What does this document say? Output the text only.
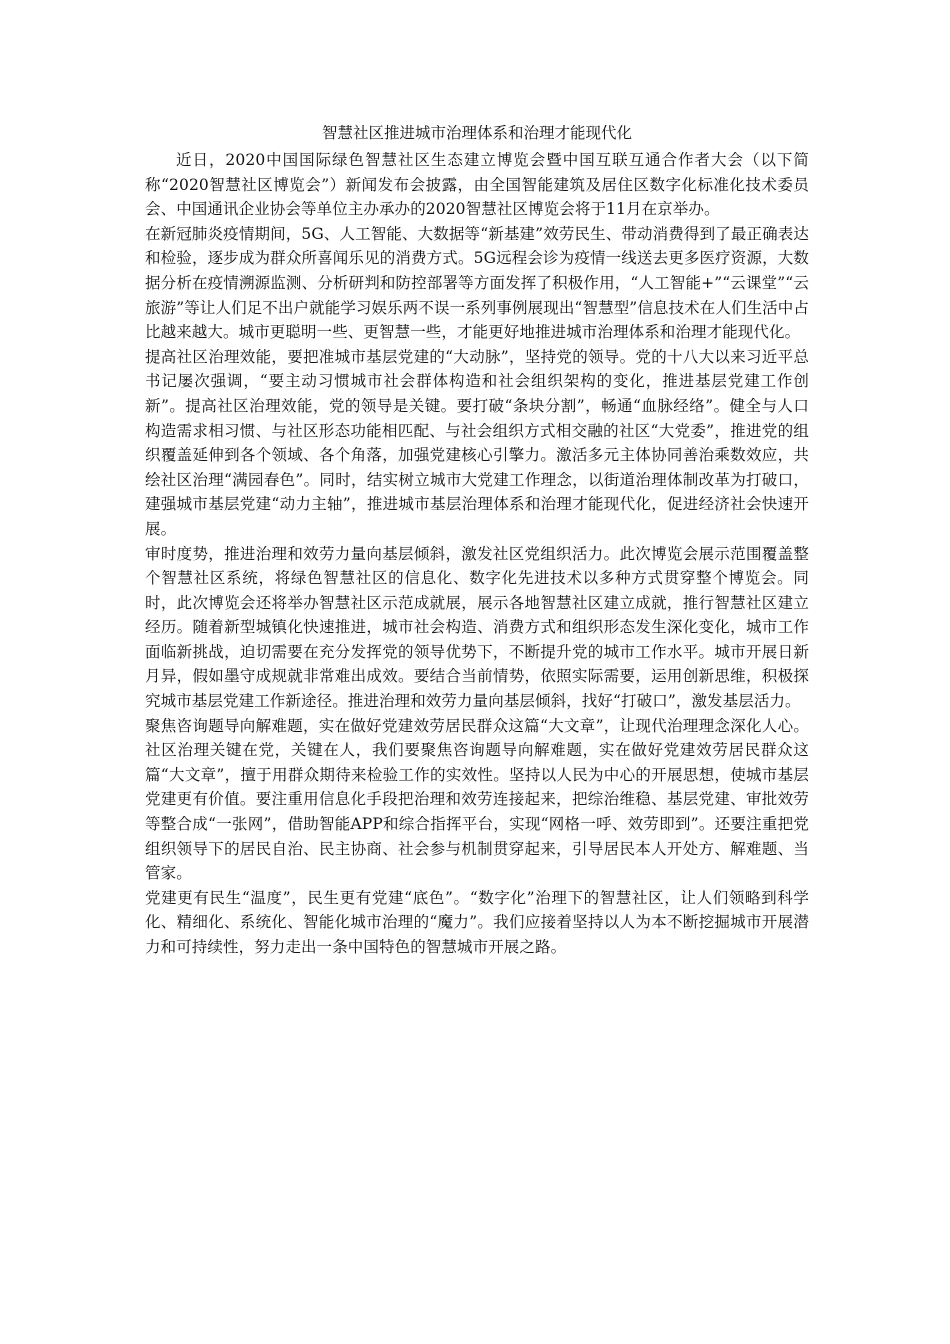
智慧社区推进城市治理体系和治理才能现代化

近日，2020中国国际绿色智慧社区生态建立博览会暨中国互联互通合作者大会（以下简称“2020智慧社区博览会”）新闻发布会披露，由全国智能建筑及居住区数字化标准化技术委员会、中国通讯企业协会等单位主办承办的2020智慧社区博览会将于11月在京举办。

在新冠肺炎疫情期间，5G、人工智能、大数据等“新基建”效劳民生、带动消费得到了最正确表达和检验，逐步成为群众所喜闻乐见的消费方式。5G远程会诊为疫情一线送去更多医疗资源，大数据分析在疫情溯源监测、分析研判和防控部署等方面发挥了积极作用，“人工智能+”“云课堂”“云旅游”等让人们足不出户就能学习娱乐两不误一系列事例展现出“智慧型”信息技术在人们生活中占比越来越大。城市更聪明一些、更智慧一些，才能更好地推进城市治理体系和治理才能现代化。

提高社区治理效能，要把准城市基层党建的“大动脉”，坚持党的领导。党的十八大以来习近平总书记屡次强调，“要主动习惯城市社会群体构造和社会组织架构的变化，推进基层党建工作创新”。提高社区治理效能，党的领导是关键。要打破“条块分割”，畅通“血脉经络”。健全与人口构造需求相习惯、与社区形态功能相匹配、与社会组织方式相交融的社区“大党委”，推进党的组织覆盖延伸到各个领域、各个角落，加强党建核心引擎力。激活多元主体协同善治乘数效应，共绘社区治理“满园春色”。同时，结实树立城市大党建工作理念，以街道治理体制改革为打破口，建强城市基层党建“动力主轴”，推进城市基层治理体系和治理才能现代化，促进经济社会快速开展。

审时度势，推进治理和效劳力量向基层倾斜，激发社区党组织活力。此次博览会展示范围覆盖整个智慧社区系统，将绿色智慧社区的信息化、数字化先进技术以多种方式贯穿整个博览会。同时，此次博览会还将举办智慧社区示范成就展，展示各地智慧社区建立成就，推行智慧社区建立经历。随着新型城镇化快速推进，城市社会构造、消费方式和组织形态发生深化变化，城市工作面临新挑战，迫切需要在充分发挥党的领导优势下，不断提升党的城市工作水平。城市开展日新月异，假如墨守成规就非常难出成效。要结合当前情势，依照实际需要，运用创新思维，积极探究城市基层党建工作新途径。推进治理和效劳力量向基层倾斜，找好“打破口”，激发基层活力。

聚焦咨询题导向解难题，实在做好党建效劳居民群众这篇“大文章”，让现代治理理念深化人心。社区治理关键在党，关键在人，我们要聚焦咨询题导向解难题，实在做好党建效劳居民群众这篇“大文章”，擅于用群众期待来检验工作的实效性。坚持以人民为中心的开展思想，使城市基层党建更有价值。要注重用信息化手段把治理和效劳连接起来，把综治维稳、基层党建、审批效劳等整合成“一张网”，借助智能APP和综合指挥平台，实现“网格一呼、效劳即到”。还要注重把党组织领导下的居民自治、民主协商、社会参与机制贯穿起来，引导居民本人开处方、解难题、当管家。

党建更有民生“温度”，民生更有党建“底色”。“数字化”治理下的智慧社区，让人们领略到科学化、精细化、系统化、智能化城市治理的“魔力”。我们应接着坚持以人为本不断挖掘城市开展潜力和可持续性，努力走出一条中国特色的智慧城市开展之路。
